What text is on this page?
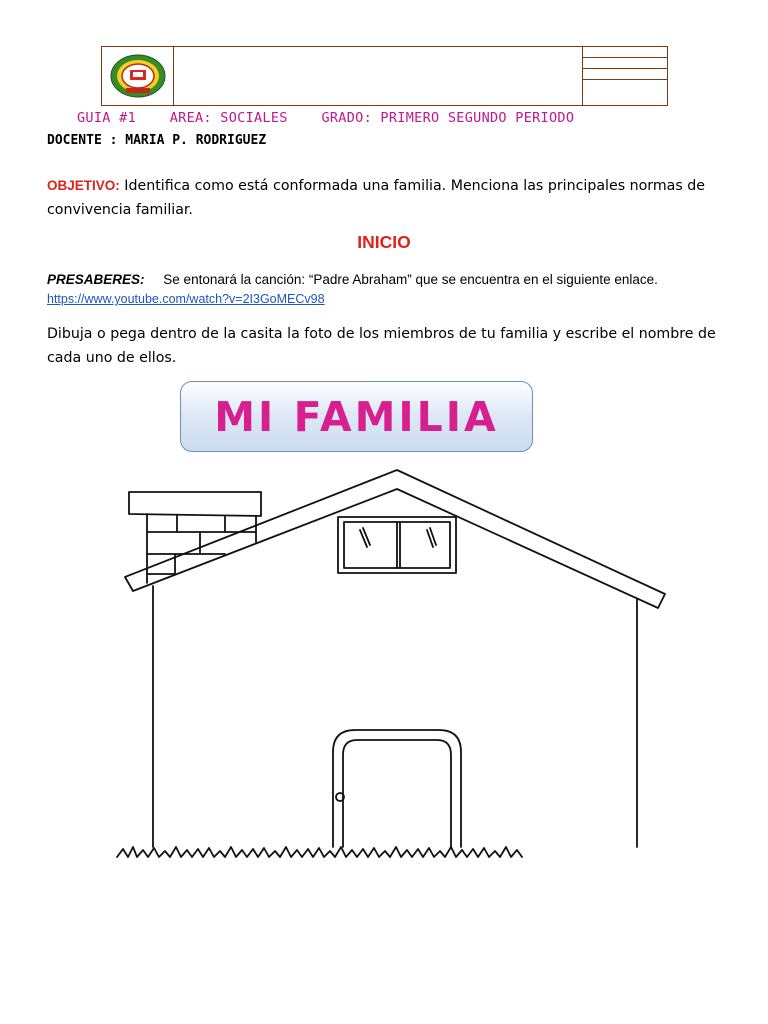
GUIA #1 AREA: SOCIALES GRADO: PRIMERO SEGUNDO PERIODO
DOCENTE : MARIA P. RODRIGUEZ
OBJETIVO: Identifica como está conformada una familia. Menciona las principales normas de convivencia familiar.
INICIO
PRESABERES: Se entonará la canción: “Padre Abraham” que se encuentra en el siguiente enlace.
https://www.youtube.com/watch?v=2I3GoMECv98
Dibuja o pega dentro de la casita la foto de los miembros de tu familia y escribe el nombre de cada uno de ellos.
MI FAMILIA
